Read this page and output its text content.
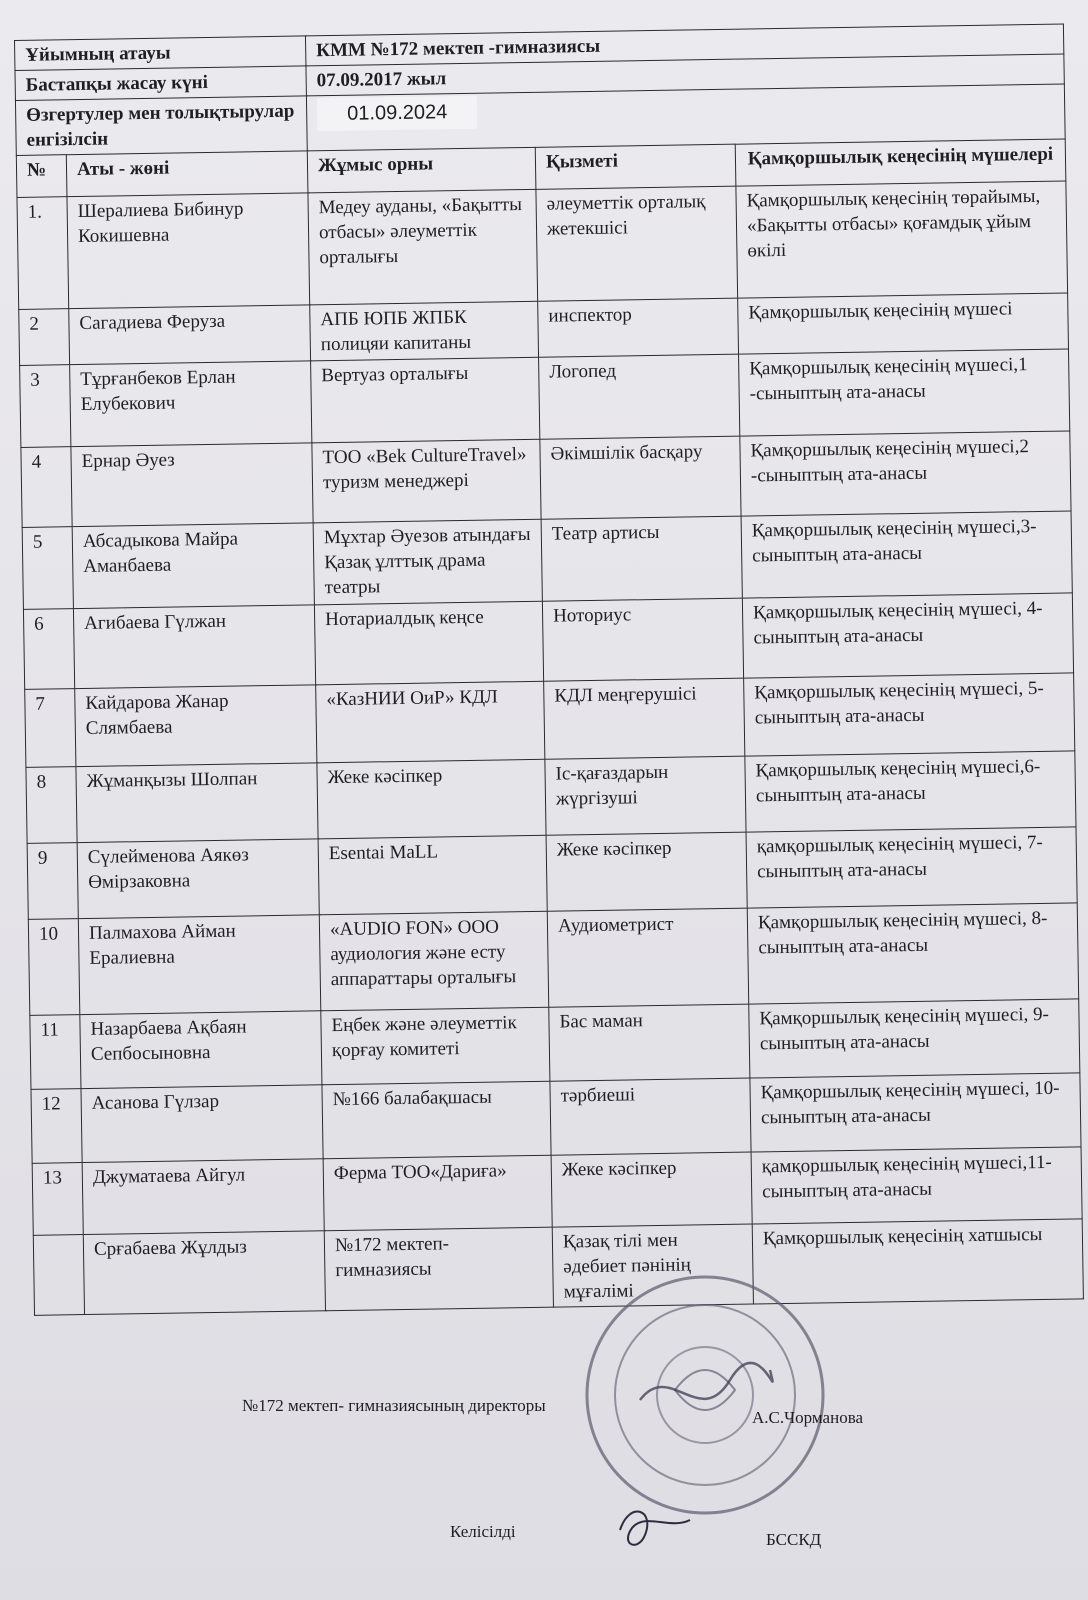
Ұйымның атауы		КММ №172 мектеп -гимназиясы		
Бастапқы жасау күні		07.09.2017 жыл		
Өзгертулер мен толықтырулар енгізілсін		01.09.2024		
№	Аты - жөні	Жұмыс орны	Қызметі	Қамқоршылық кеңесінің мүшелері
1.	Шералиева Бибинур Кокишевна	Медеу ауданы, «Бақытты отбасы» әлеуметтік орталығы	әлеуметтік орталық жетекшісі	Қамқоршылық кеңесінің төрайымы, «Бақытты отбасы» қоғамдық ұйым өкілі
2	Сагадиева Феруза	АПБ ЮПБ ЖПБК полицяи капитаны	инспектор	Қамқоршылық кеңесінің мүшесі
3	Тұрғанбеков Ерлан Елубекович	Вертуаз орталығы	Логопед	Қамқоршылық кеңесінің мүшесі,1 -сыныптың ата-анасы
4	Ернар Әуез	ТОО «Bek CultureTravel» туризм менеджері	Әкімшілік басқару	Қамқоршылық кеңесінің мүшесі,2 -сыныптың ата-анасы
5	Абсадыкова Майра Аманбаева	Мұхтар Әуезов атындағы Қазақ ұлттық драма театры	Театр артисы	Қамқоршылық кеңесінің мүшесі,3-сыныптың ата-анасы
6	Агибаева Гүлжан	Нотариалдық кеңсе	Ноториус	Қамқоршылық кеңесінің мүшесі, 4-сыныптың ата-анасы
7	Кайдарова Жанар Слямбаева	«КазНИИ ОиР» КДЛ	КДЛ меңгерушісі	Қамқоршылық кеңесінің мүшесі, 5-сыныптың ата-анасы
8	Жұманқызы Шолпан	Жеке кәсіпкер	Іс-қағаздарын жүргізуші	Қамқоршылық кеңесінің мүшесі,6- сыныптың ата-анасы
9	Сүлейменова Аякөз Өмірзаковна	Esentai MaLL	Жеке кәсіпкер	қамқоршылық кеңесінің мүшесі, 7-сыныптың ата-анасы
10	Палмахова Айман Ералиевна	«AUDIO FON» ООО аудиология және есту аппараттары орталығы	Аудиометрист	Қамқоршылық кеңесінің мүшесі, 8-сыныптың ата-анасы
11	Назарбаева Ақбаян Сепбосыновна	Еңбек және әлеуметтік қорғау комитеті	Бас маман	Қамқоршылық кеңесінің мүшесі, 9-сыныптың ата-анасы
12	Асанова Гүлзар	№166 балабақшасы	тәрбиеші	Қамқоршылық кеңесінің мүшесі, 10-сыныптың ата-анасы
13	Джуматаева Айгул	Ферма ТОО«Дариға»	Жеке кәсіпкер	қамқоршылық кеңесінің мүшесі,11-сыныптың ата-анасы
	Срғабаева Жұлдыз	№172 мектеп-гимназиясы	Қазақ тілі мен әдебиет пәнінің мұғалімі	Қамқоршылық кеңесінің хатшысы
№172 мектеп- гимназиясының директоры
А.С.Чорманова
Келісілді	БССКД
